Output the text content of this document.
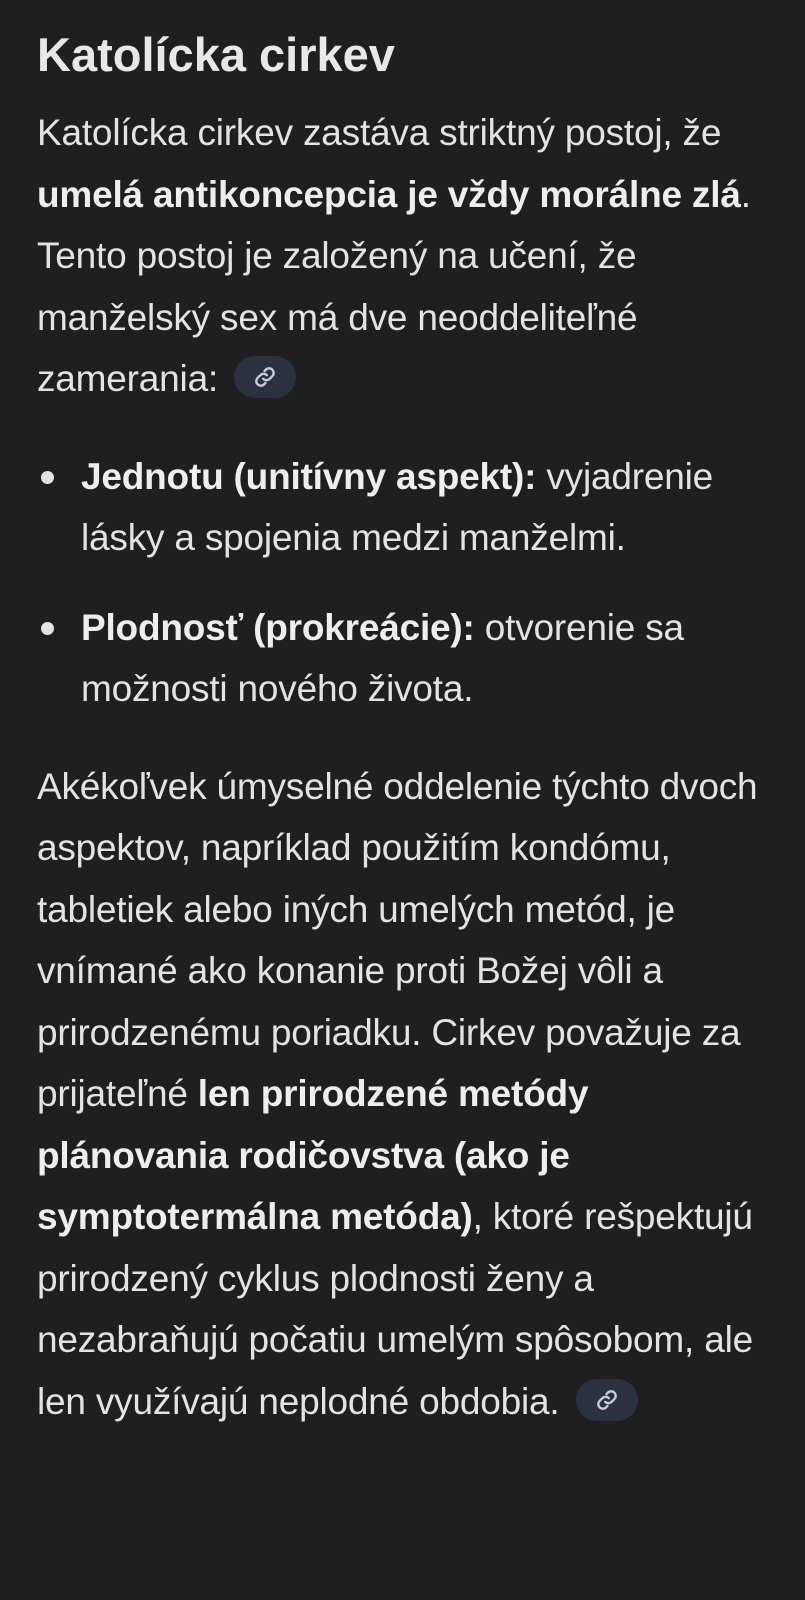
Katolícka cirkev

Katolícka cirkev zastáva striktný postoj, že umelá antikoncepcia je vždy morálne zlá. Tento postoj je založený na učení, že manželský sex má dve neoddeliteľné zamerania:

Jednotu (unitívny aspekt): vyjadrenie lásky a spojenia medzi manželmi.
Plodnosť (prokreácie): otvorenie sa možnosti nového života.

Akékoľvek úmyselné oddelenie týchto dvoch aspektov, napríklad použitím kondómu, tabletiek alebo iných umelých metód, je vnímané ako konanie proti Božej vôli a prirodzenému poriadku. Cirkev považuje za prijateľné len prirodzené metódy plánovania rodičovstva (ako je symptotermálna metóda), ktoré rešpektujú prirodzený cyklus plodnosti ženy a nezabraňujú počatiu umelým spôsobom, ale len využívajú neplodné obdobia.
